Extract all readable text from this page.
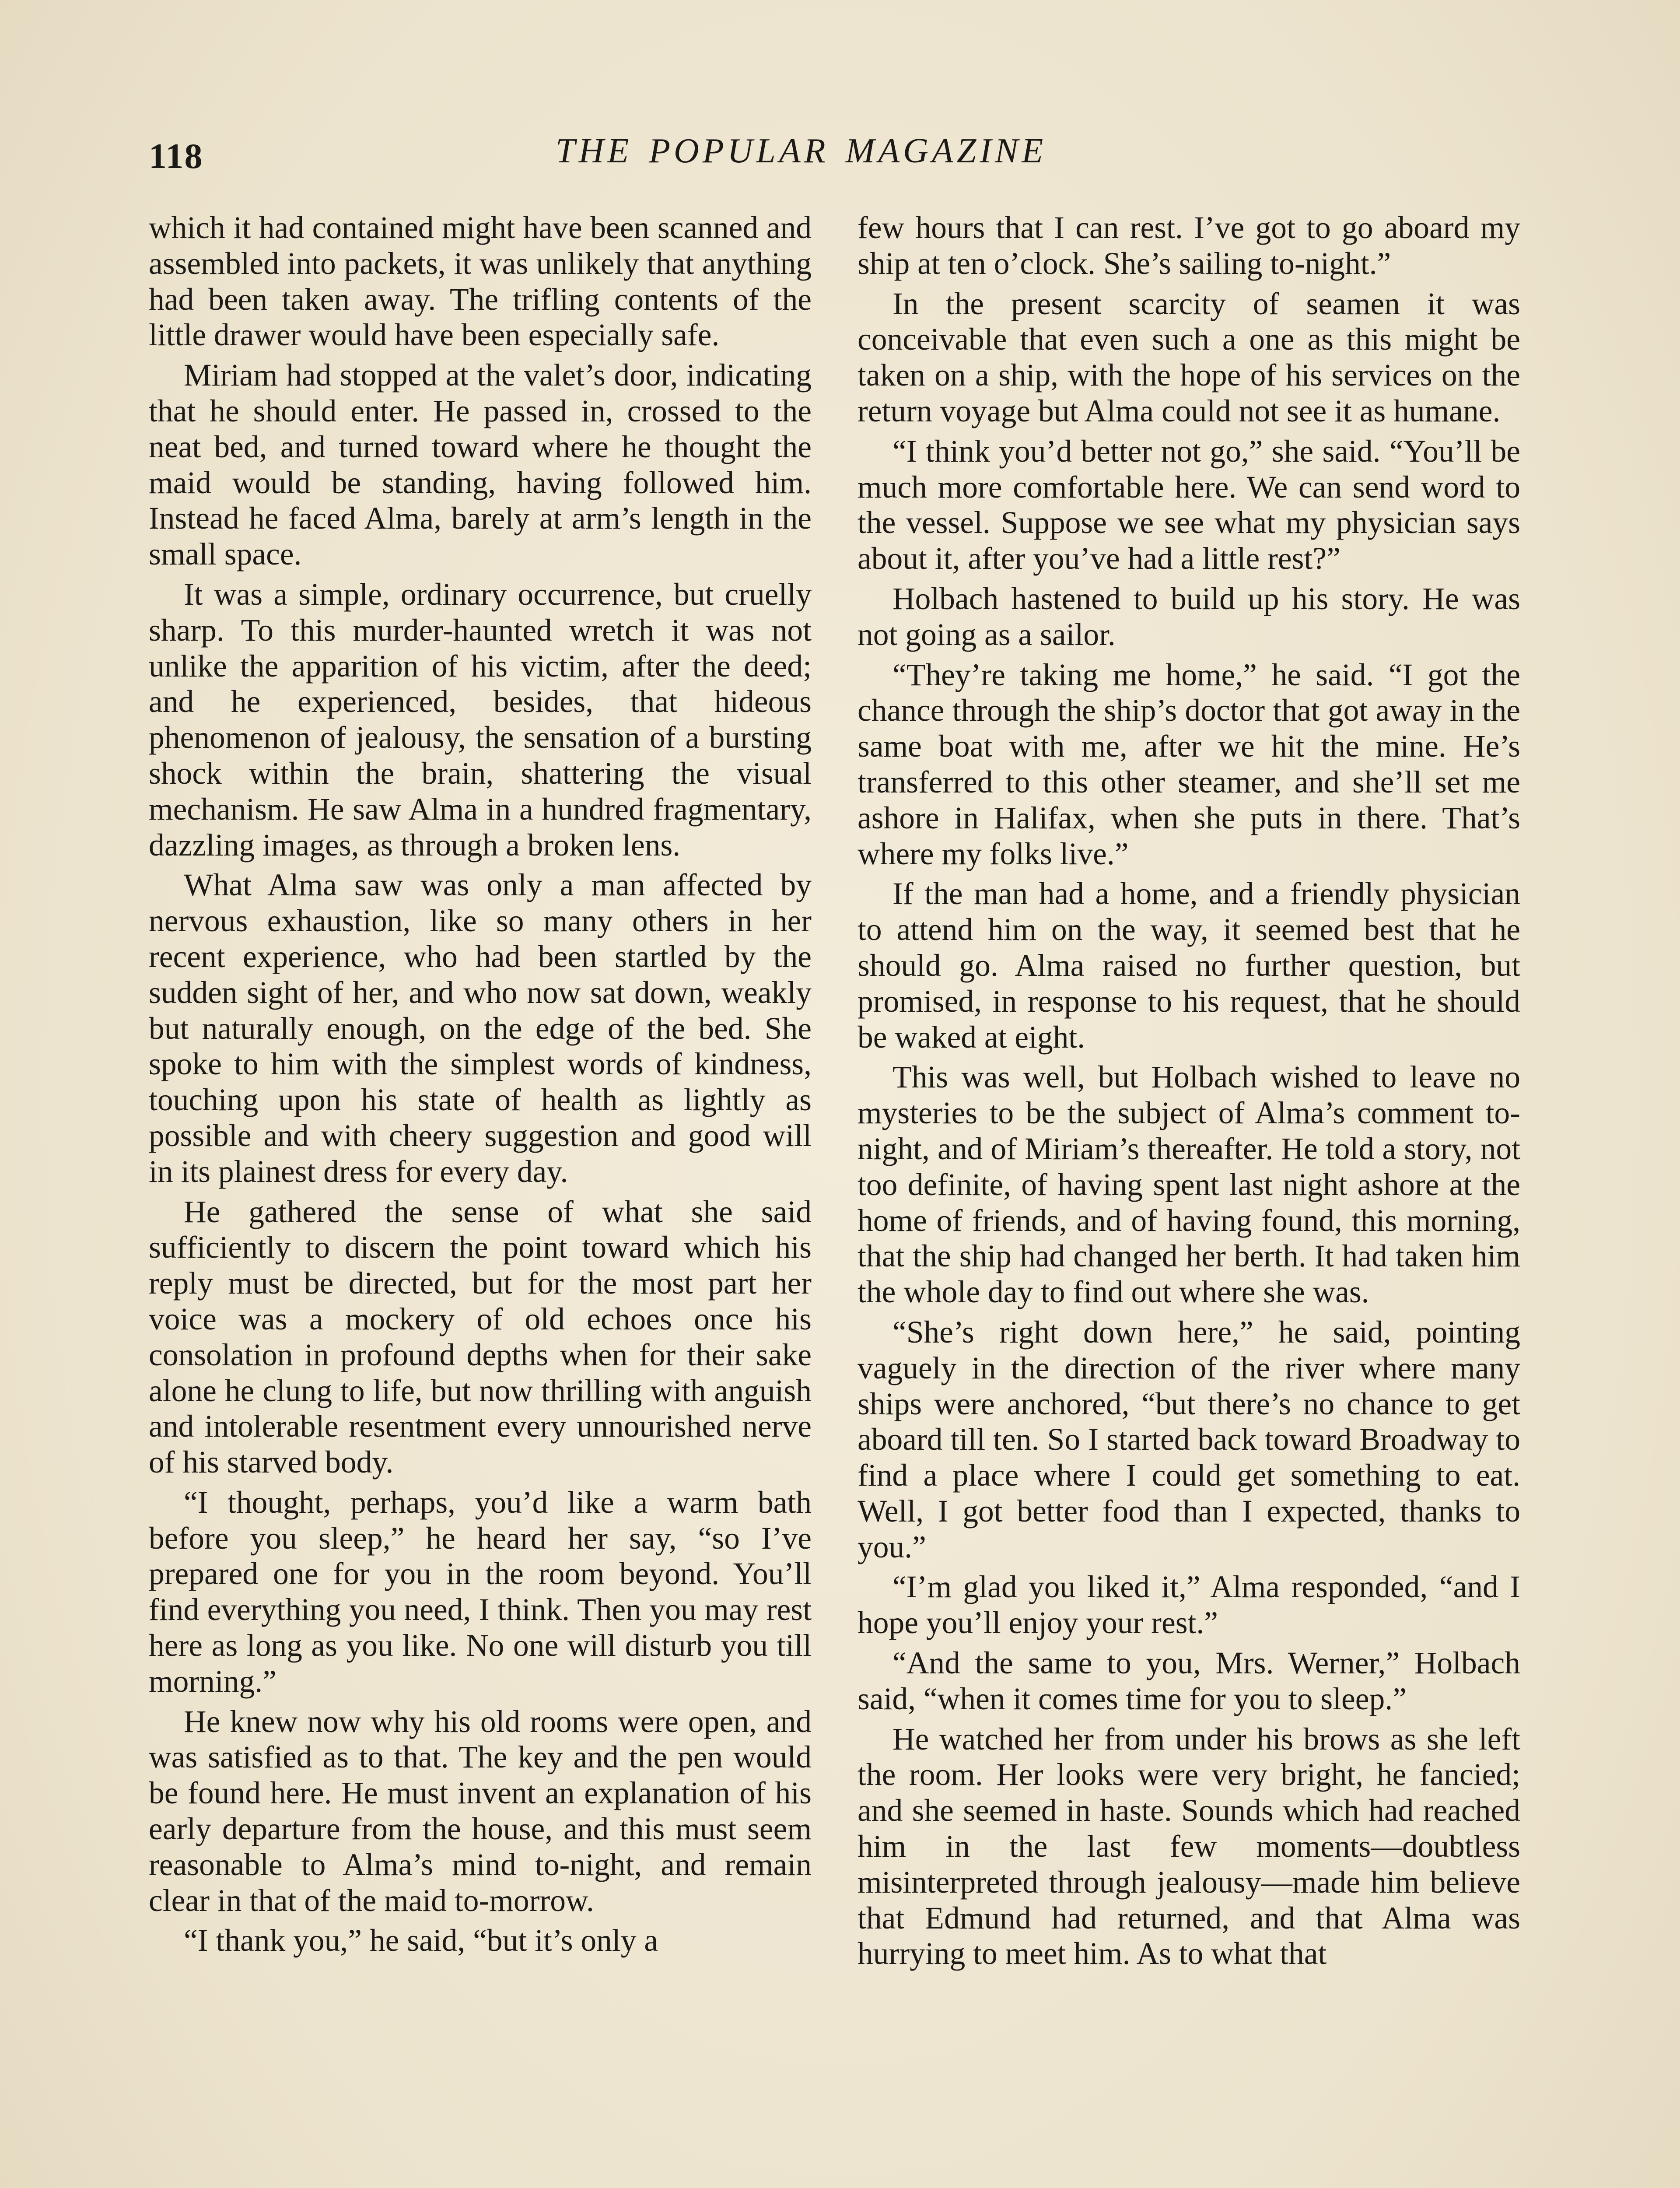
118	THE POPULAR MAGAZINE

which it had contained might have been scanned and assembled into packets, it was unlikely that anything had been taken away. The trifling contents of the little drawer would have been especially safe.

Miriam had stopped at the valet’s door, indicating that he should enter. He passed in, crossed to the neat bed, and turned toward where he thought the maid would be standing, having followed him. Instead he faced Alma, barely at arm’s length in the small space.

It was a simple, ordinary occurrence, but cruelly sharp. To this murder-haunted wretch it was not unlike the apparition of his victim, after the deed; and he experienced, besides, that hideous phenomenon of jealousy, the sensation of a bursting shock within the brain, shattering the visual mechanism. He saw Alma in a hundred fragmentary, dazzling images, as through a broken lens.

What Alma saw was only a man affected by nervous exhaustion, like so many others in her recent experience, who had been startled by the sudden sight of her, and who now sat down, weakly but naturally enough, on the edge of the bed. She spoke to him with the simplest words of kindness, touching upon his state of health as lightly as possible and with cheery suggestion and good will in its plainest dress for every day.

He gathered the sense of what she said sufficiently to discern the point toward which his reply must be directed, but for the most part her voice was a mockery of old echoes once his consolation in profound depths when for their sake alone he clung to life, but now thrilling with anguish and intolerable resentment every unnourished nerve of his starved body.

“I thought, perhaps, you’d like a warm bath before you sleep,” he heard her say, “so I’ve prepared one for you in the room beyond. You’ll find everything you need, I think. Then you may rest here as long as you like. No one will disturb you till morning.”

He knew now why his old rooms were open, and was satisfied as to that. The key and the pen would be found here. He must invent an explanation of his early departure from the house, and this must seem reasonable to Alma’s mind to-night, and remain clear in that of the maid to-morrow.

“I thank you,” he said, “but it’s only a

few hours that I can rest. I’ve got to go aboard my ship at ten o’clock. She’s sailing to-night.”

In the present scarcity of seamen it was conceivable that even such a one as this might be taken on a ship, with the hope of his services on the return voyage but Alma could not see it as humane.

“I think you’d better not go,” she said. “You’ll be much more comfortable here. We can send word to the vessel. Suppose we see what my physician says about it, after you’ve had a little rest?”

Holbach hastened to build up his story. He was not going as a sailor.

“They’re taking me home,” he said. “I got the chance through the ship’s doctor that got away in the same boat with me, after we hit the mine. He’s transferred to this other steamer, and she’ll set me ashore in Halifax, when she puts in there. That’s where my folks live.”

If the man had a home, and a friendly physician to attend him on the way, it seemed best that he should go. Alma raised no further question, but promised, in response to his request, that he should be waked at eight.

This was well, but Holbach wished to leave no mysteries to be the subject of Alma’s comment to-night, and of Miriam’s thereafter. He told a story, not too definite, of having spent last night ashore at the home of friends, and of having found, this morning, that the ship had changed her berth. It had taken him the whole day to find out where she was.

“She’s right down here,” he said, pointing vaguely in the direction of the river where many ships were anchored, “but there’s no chance to get aboard till ten. So I started back toward Broadway to find a place where I could get something to eat. Well, I got better food than I expected, thanks to you.”

“I’m glad you liked it,” Alma responded, “and I hope you’ll enjoy your rest.”

“And the same to you, Mrs. Werner,” Holbach said, “when it comes time for you to sleep.”

He watched her from under his brows as she left the room. Her looks were very bright, he fancied; and she seemed in haste. Sounds which had reached him in the last few moments—doubtless misinterpreted through jealousy—made him believe that Edmund had returned, and that Alma was hurrying to meet him. As to what that
